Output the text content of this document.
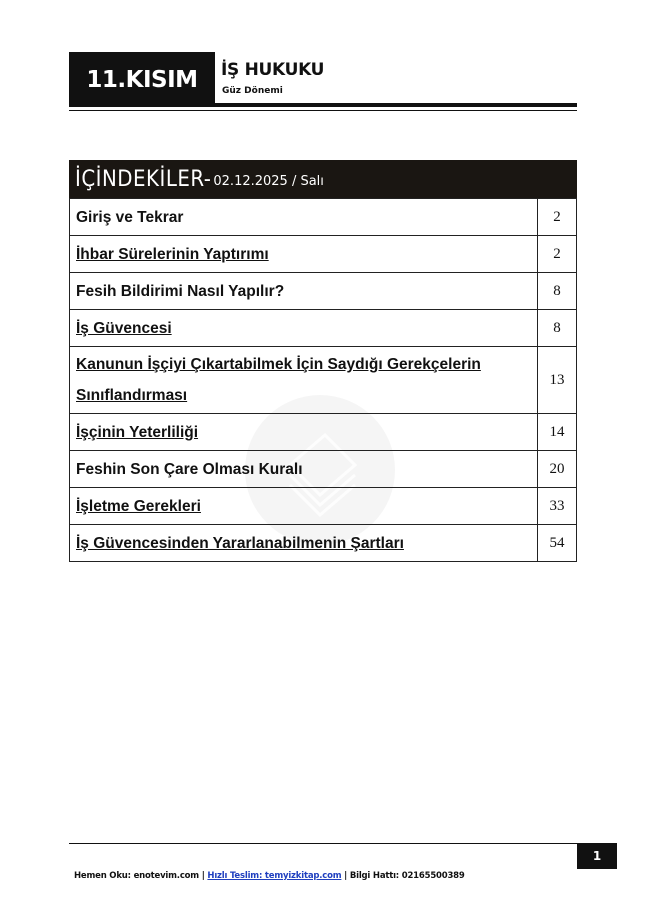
11.KISIM	İŞ HUKUKU
Güz Dönemi
İÇİNDEKİLER- 02.12.2025 / Salı
Giriş ve Tekrar	2
İhbar Sürelerinin Yaptırımı	2
Fesih Bildirimi Nasıl Yapılır?	8
İş Güvencesi	8
Kanunun İşçiyi Çıkartabilmek İçin Saydığı Gerekçelerin Sınıflandırması	13
İşçinin Yeterliliği	14
Feshin Son Çare Olması Kuralı	20
İşletme Gerekleri	33
İş Güvencesinden Yararlanabilmenin Şartları	54
1
Hemen Oku: enotevim.com | Hızlı Teslim: temyizkitap.com | Bilgi Hattı: 02165500389
